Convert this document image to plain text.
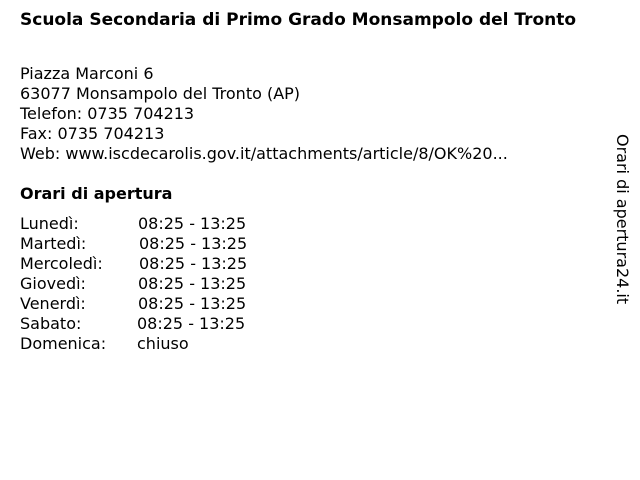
Scuola Secondaria di Primo Grado Monsampolo del Tronto
Piazza Marconi 6
63077 Monsampolo del Tronto (AP)
Telefon: 0735 704213
Fax: 0735 704213
Web: www.iscdecarolis.gov.it/attachments/article/8/OK%20...
Orari di apertura
Lunedì:	08:25 - 13:25
Martedì:	08:25 - 13:25
Mercoledì:	08:25 - 13:25
Giovedì:	08:25 - 13:25
Venerdì:	08:25 - 13:25
Sabato:	08:25 - 13:25
Domenica:	chiuso
Orari di apertura24.it
